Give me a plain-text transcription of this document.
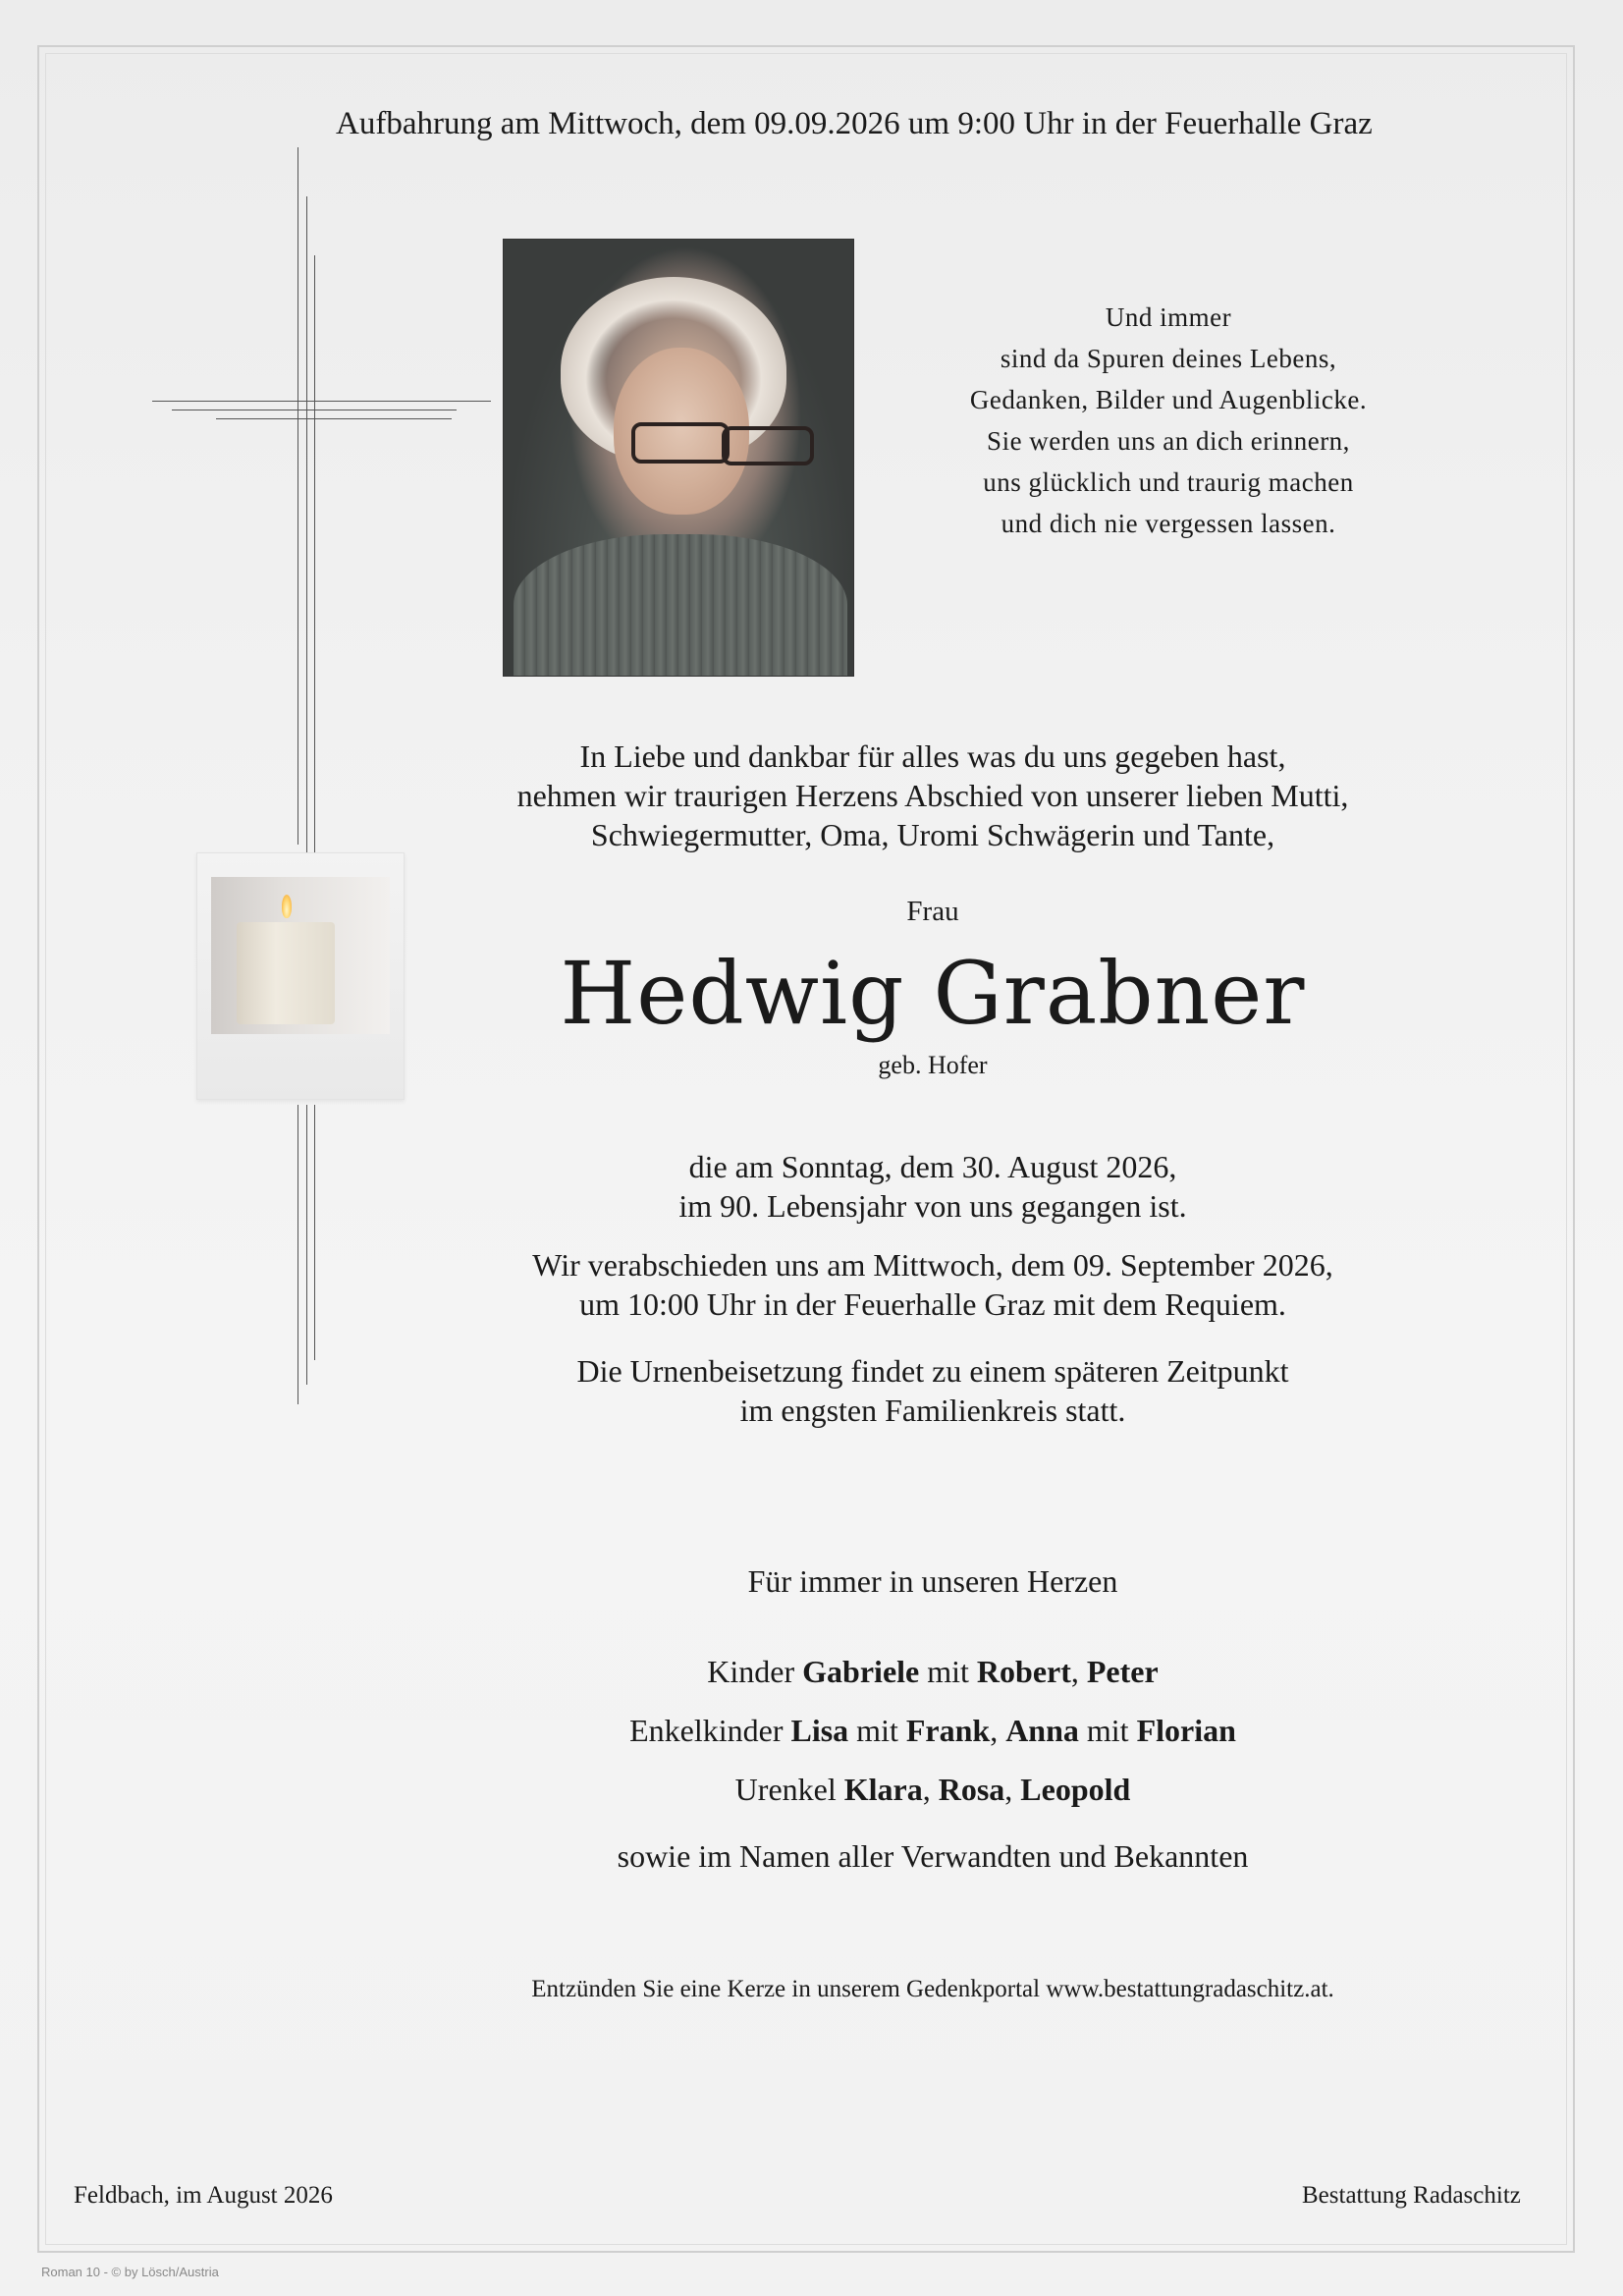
Aufbahrung am Mittwoch, dem 09.09.2026 um 9:00 Uhr in der Feuerhalle Graz
Und immer
sind da Spuren deines Lebens,
Gedanken, Bilder und Augenblicke.
Sie werden uns an dich erinnern,
uns glücklich und traurig machen
und dich nie vergessen lassen.
In Liebe und dankbar für alles was du uns gegeben hast,
nehmen wir traurigen Herzens Abschied von unserer lieben Mutti,
Schwiegermutter, Oma, Uromi Schwägerin und Tante,
Frau
Hedwig Grabner
geb. Hofer
die am Sonntag, dem 30. August 2026,
im 90. Lebensjahr von uns gegangen ist.
Wir verabschieden uns am Mittwoch, dem 09. September 2026,
um 10:00 Uhr in der Feuerhalle Graz mit dem Requiem.
Die Urnenbeisetzung findet zu einem späteren Zeitpunkt
im engsten Familienkreis statt.
Für immer in unseren Herzen
Kinder Gabriele mit Robert, Peter
Enkelkinder Lisa mit Frank, Anna mit Florian
Urenkel Klara, Rosa, Leopold
sowie im Namen aller Verwandten und Bekannten
Entzünden Sie eine Kerze in unserem Gedenkportal www.bestattungradaschitz.at.
Feldbach, im August 2026	Bestattung Radaschitz
Roman 10 - © by Lösch/Austria
